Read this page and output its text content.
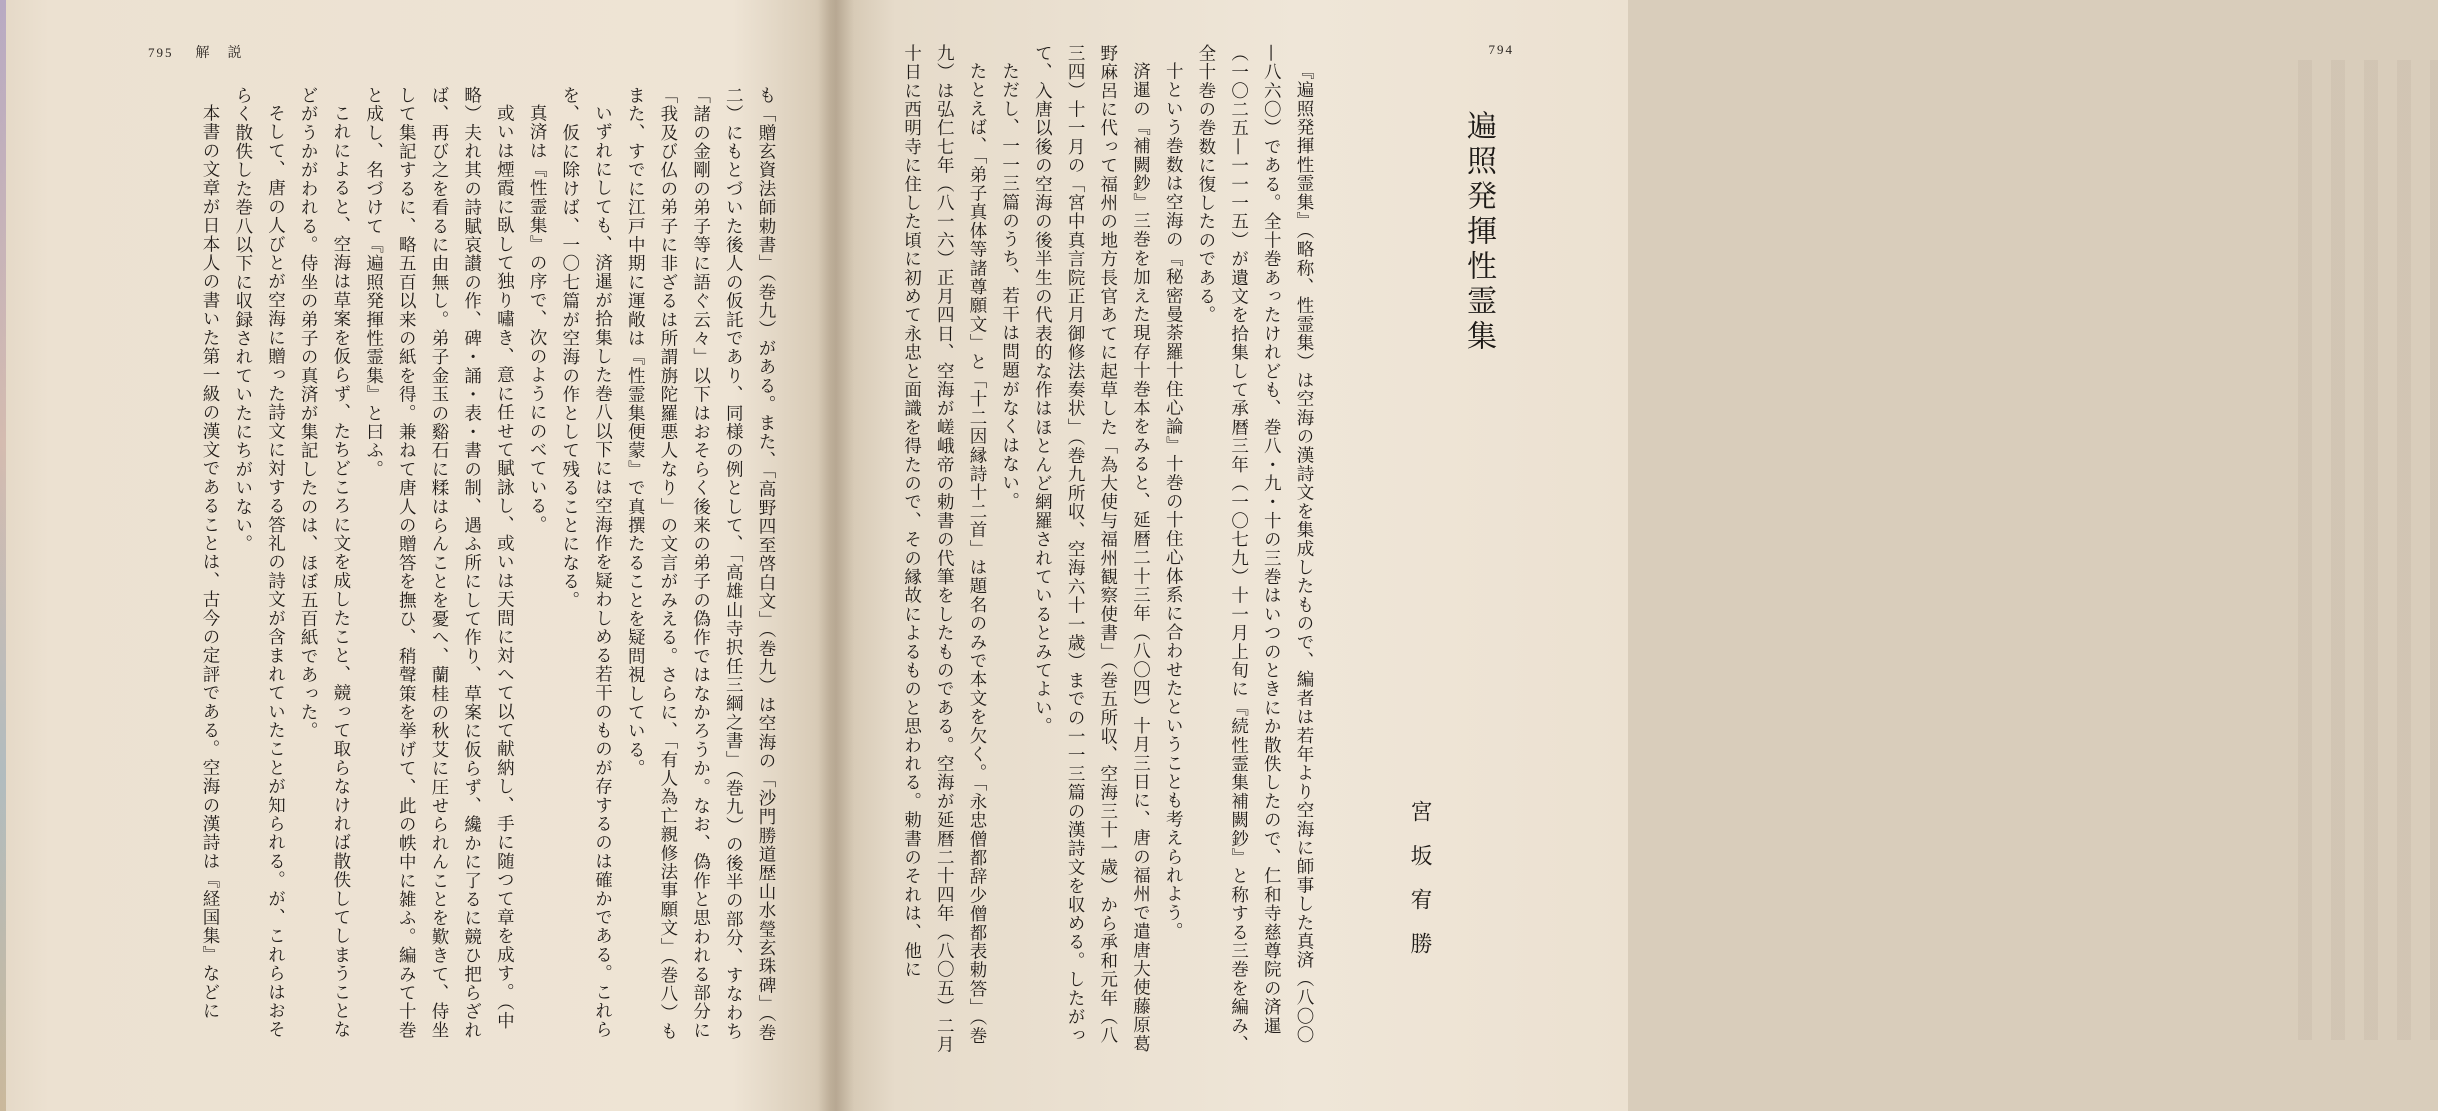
795 解　説

も「贈玄資法師勅書」（巻九）がある。また、「高野四至啓白文」（巻九）は空海の「沙門勝道歴山水瑩玄珠碑」（巻二）にもとづいた後人の仮託であり、同様の例として、「高雄山寺択任三綱之書」（巻九）の後半の部分、すなわち「諸の金剛の弟子等に語ぐ云々」以下はおそらく後来の弟子の偽作ではなかろうか。なお、偽作と思われる部分に「我及び仏の弟子に非ざるは所謂旃陀羅悪人なり」の文言がみえる。さらに、「有人為亡親修法事願文」（巻八）もまた、すでに江戸中期に運敞は『性霊集便蒙』で真撰たることを疑問視している。

いずれにしても、済暹が拾集した巻八以下には空海作を疑わしめる若干のものが存するのは確かである。これらを、仮に除けば、一〇七篇が空海の作として残ることになる。

真済は『性霊集』の序で、次のようにのべている。

或いは煙霞に臥して独り嘯き、意に任せて賦詠し、或いは天問に対へて以て献納し、手に随つて章を成す。（中略）夫れ其の詩賦哀讃の作、碑・誦・表・書の制、遇ふ所にして作り、草案に仮らず、纔かに了るに競ひ把らざれば、再び之を看るに由無し。弟子金玉の谿石に糅はらんことを憂へ、蘭桂の秋艾に圧せられんことを歎きて、侍坐して集記するに、略五百以来の紙を得。兼ねて唐人の贈答を撫ひ、稍聲策を挙げて、此の帙中に雑ふ。編みて十巻と成し、名づけて『遍照発揮性霊集』と曰ふ。

これによると、空海は草案を仮らず、たちどころに文を成したこと、競って取らなければ散佚してしまうことなどがうかがわれる。侍坐の弟子の真済が集記したのは、ほぼ五百紙であった。

そして、唐の人びとが空海に贈った詩文に対する答礼の詩文が含まれていたことが知られる。が、これらはおそらく散佚した巻八以下に収録されていたにちがいない。

本書の文章が日本人の書いた第一級の漢文であることは、古今の定評である。空海の漢詩は『経国集』などに

794
遍照発揮性霊集
宮坂宥勝

『遍照発揮性霊集』（略称、性霊集）は空海の漢詩文を集成したもので、編者は若年より空海に師事した真済（八〇〇—八六〇）である。全十巻あったけれども、巻八・九・十の三巻はいつのときにか散佚したので、仁和寺慈尊院の済暹（一〇二五—一一一五）が遺文を拾集して承暦三年（一〇七九）十一月上旬に『続性霊集補闕鈔』と称する三巻を編み、全十巻の巻数に復したのである。

十という巻数は空海の『秘密曼荼羅十住心論』十巻の十住心体系に合わせたということも考えられよう。

済暹の『補闕鈔』三巻を加えた現存十巻本をみると、延暦二十三年（八〇四）十月三日に、唐の福州で遣唐大使藤原葛野麻呂に代って福州の地方長官あてに起草した「為大使与福州観察使書」（巻五所収、空海三十一歳）から承和元年（八三四）十一月の「宮中真言院正月御修法奏状」（巻九所収、空海六十一歳）までの一一三篇の漢詩文を収める。したがって、入唐以後の空海の後半生の代表的な作はほとんど網羅されているとみてよい。

ただし、一一三篇のうち、若干は問題がなくはない。

たとえば、「弟子真体等諸尊願文」と「十二因縁詩十二首」は題名のみで本文を欠く。「永忠僧都辞少僧都表勅答」（巻九）は弘仁七年（八一六）正月四日、空海が嵯峨帝の勅書の代筆をしたものである。空海が延暦二十四年（八〇五）二月十日に西明寺に住した頃に初めて永忠と面識を得たので、その縁故によるものと思われる。勅書のそれは、他に
